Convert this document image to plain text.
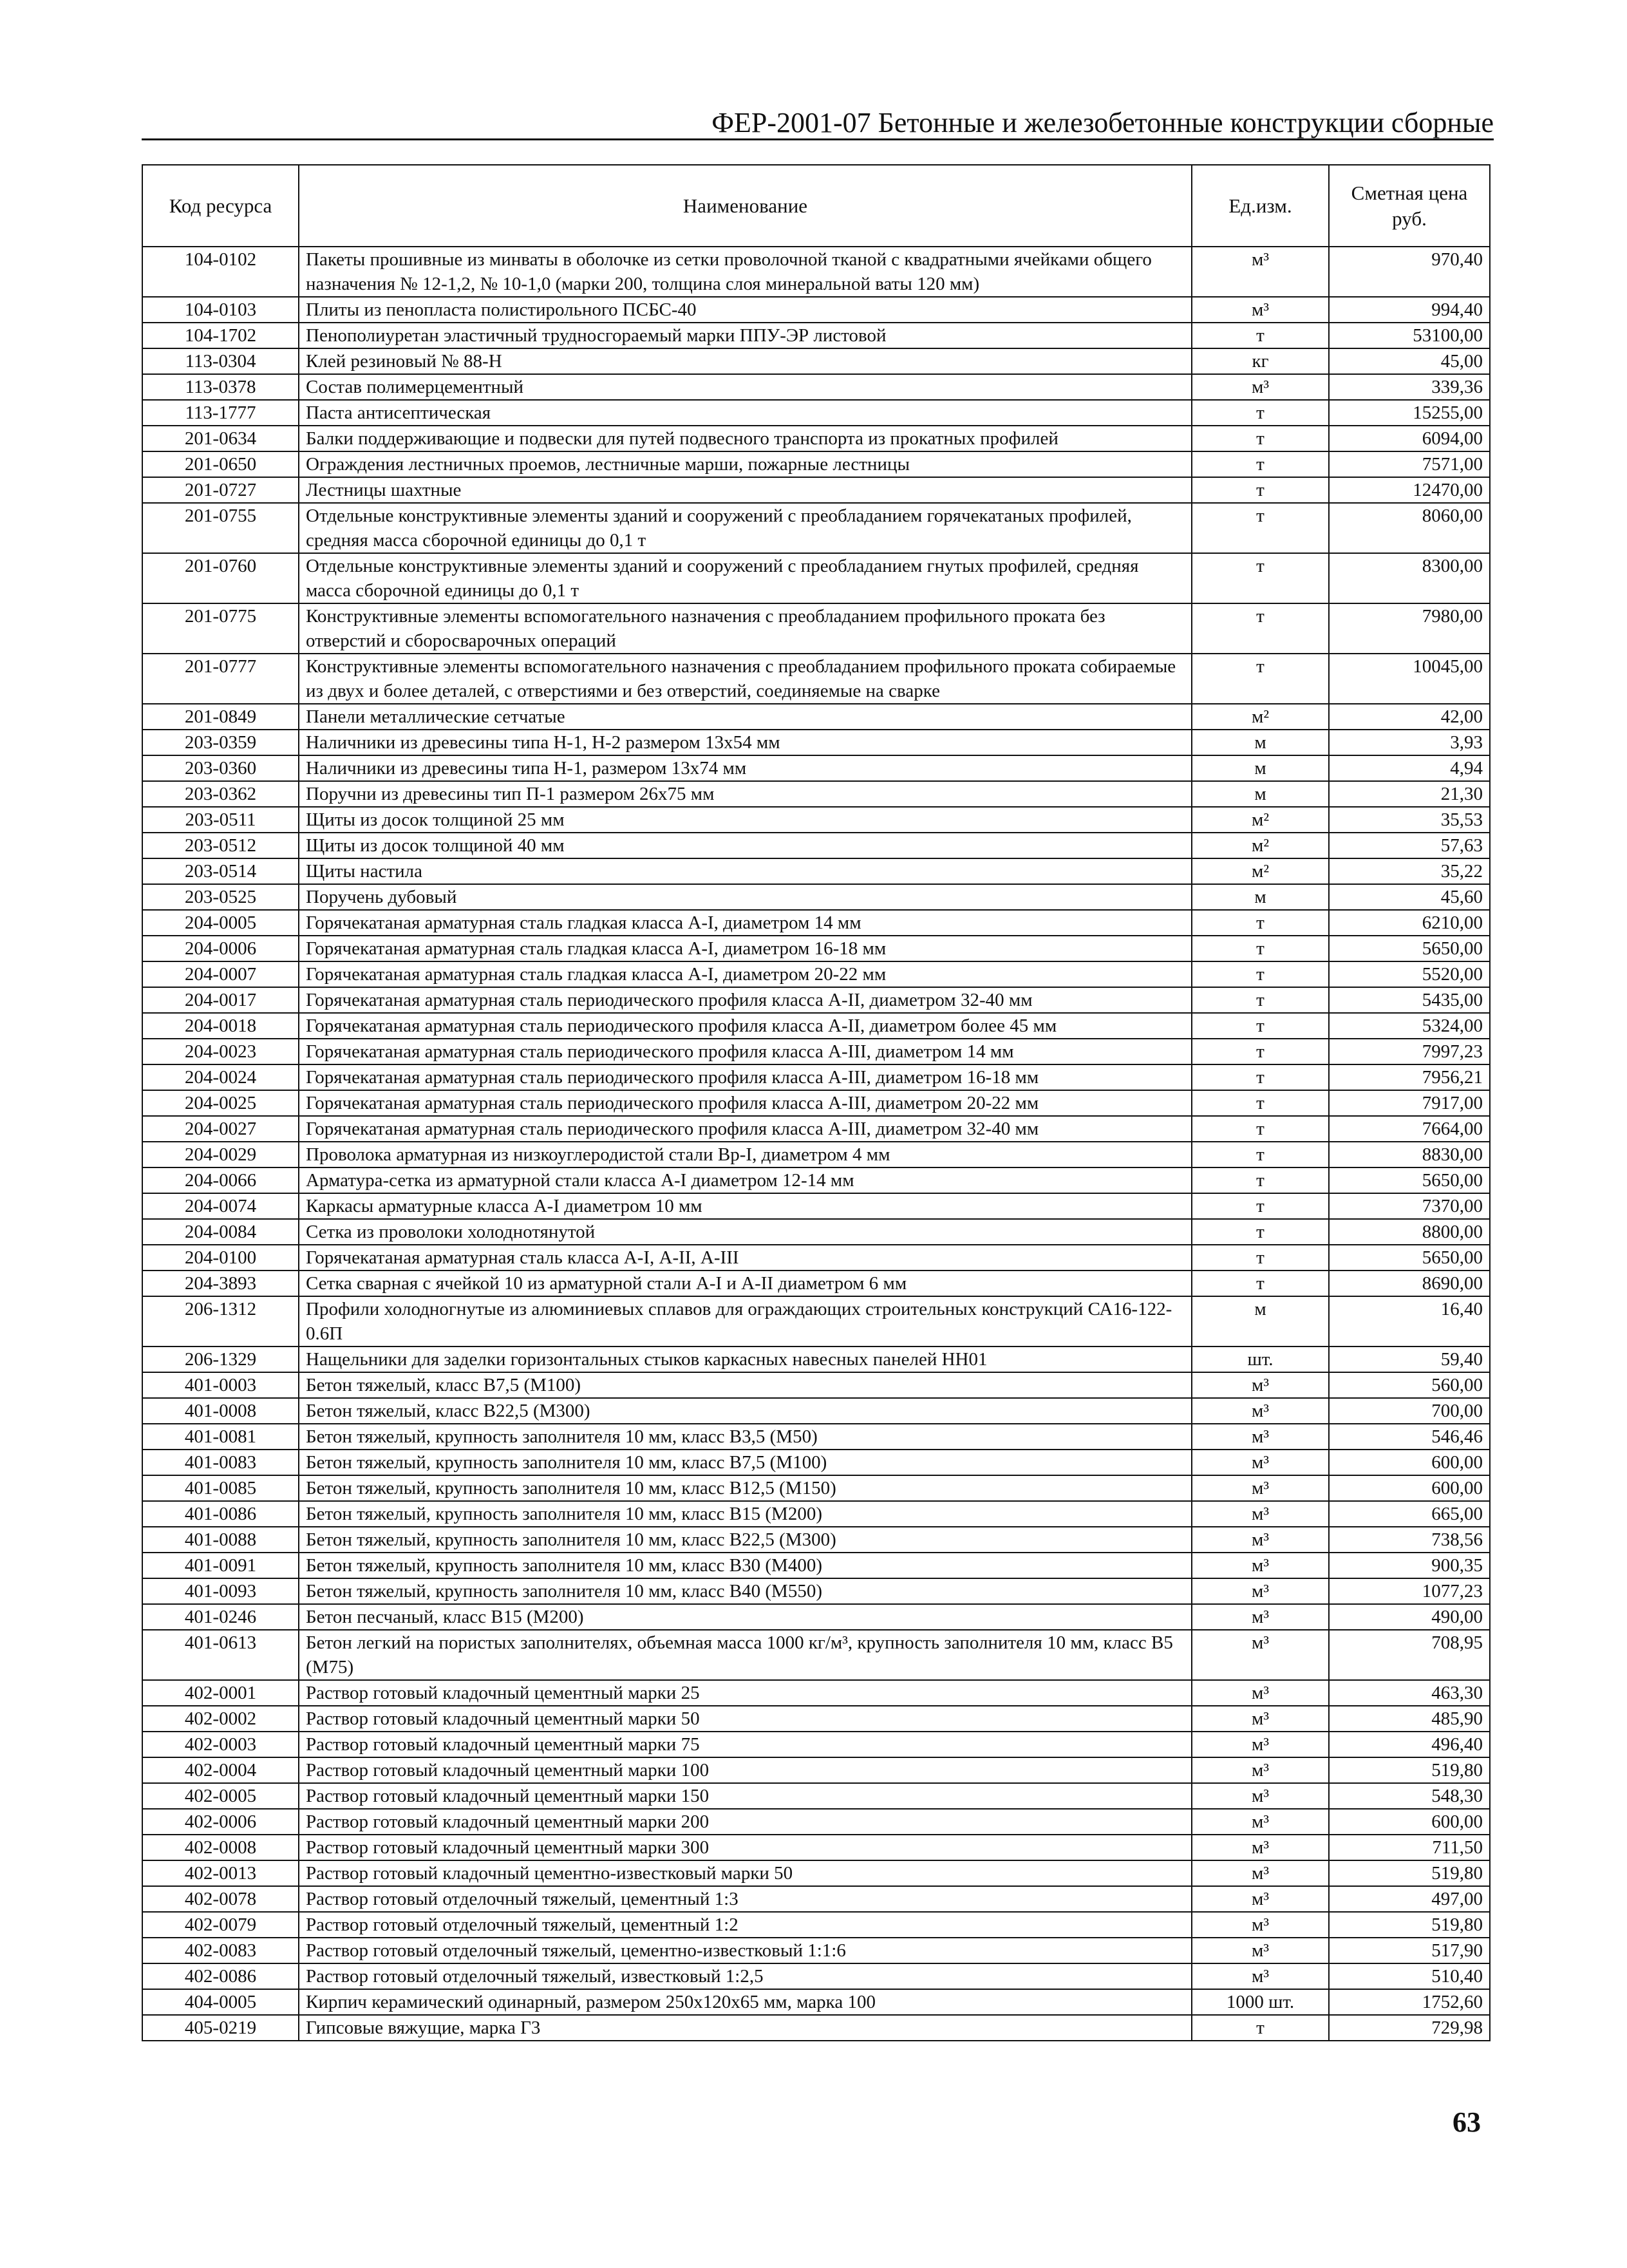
ФЕР-2001-07 Бетонные и железобетонные конструкции сборные
Код ресурса	Наименование	Ед.изм.	Сметная цена руб.
104-0102	Пакеты прошивные из минваты в оболочке из сетки проволочной тканой с квадратными ячейками общего назначения № 12-1,2, № 10-1,0 (марки 200, толщина слоя минеральной ваты 120 мм)	м³	970,40
104-0103	Плиты из пенопласта полистирольного ПСБС-40	м³	994,40
104-1702	Пенополиуретан эластичный трудносгораемый марки ППУ-ЭР листовой	т	53100,00
113-0304	Клей резиновый № 88-Н	кг	45,00
113-0378	Состав полимерцементный	м³	339,36
113-1777	Паста антисептическая	т	15255,00
201-0634	Балки поддерживающие и подвески для путей подвесного транспорта из прокатных профилей	т	6094,00
201-0650	Ограждения лестничных проемов, лестничные марши, пожарные лестницы	т	7571,00
201-0727	Лестницы шахтные	т	12470,00
201-0755	Отдельные конструктивные элементы зданий и сооружений с преобладанием горячекатаных профилей, средняя масса сборочной единицы до 0,1 т	т	8060,00
201-0760	Отдельные конструктивные элементы зданий и сооружений с преобладанием гнутых профилей, средняя масса сборочной единицы до 0,1 т	т	8300,00
201-0775	Конструктивные элементы вспомогательного назначения с преобладанием профильного проката без отверстий и сборосварочных операций	т	7980,00
201-0777	Конструктивные элементы вспомогательного назначения с преобладанием профильного проката собираемые из двух и более деталей, с отверстиями и без отверстий, соединяемые на сварке	т	10045,00
201-0849	Панели металлические сетчатые	м²	42,00
203-0359	Наличники из древесины типа Н-1, Н-2 размером 13х54 мм	м	3,93
203-0360	Наличники из древесины типа Н-1, размером 13х74 мм	м	4,94
203-0362	Поручни из древесины тип П-1 размером 26х75 мм	м	21,30
203-0511	Щиты из досок толщиной 25 мм	м²	35,53
203-0512	Щиты из досок толщиной 40 мм	м²	57,63
203-0514	Щиты настила	м²	35,22
203-0525	Поручень дубовый	м	45,60
204-0005	Горячекатаная арматурная сталь гладкая класса А-I, диаметром 14 мм	т	6210,00
204-0006	Горячекатаная арматурная сталь гладкая класса А-I, диаметром 16-18 мм	т	5650,00
204-0007	Горячекатаная арматурная сталь гладкая класса А-I, диаметром 20-22 мм	т	5520,00
204-0017	Горячекатаная арматурная сталь периодического профиля класса А-II, диаметром 32-40 мм	т	5435,00
204-0018	Горячекатаная арматурная сталь периодического профиля класса А-II, диаметром более 45 мм	т	5324,00
204-0023	Горячекатаная арматурная сталь периодического профиля класса А-III, диаметром 14 мм	т	7997,23
204-0024	Горячекатаная арматурная сталь периодического профиля класса А-III, диаметром 16-18 мм	т	7956,21
204-0025	Горячекатаная арматурная сталь периодического профиля класса А-III, диаметром 20-22 мм	т	7917,00
204-0027	Горячекатаная арматурная сталь периодического профиля класса А-III, диаметром 32-40 мм	т	7664,00
204-0029	Проволока арматурная из низкоуглеродистой стали Вр-I, диаметром 4 мм	т	8830,00
204-0066	Арматура-сетка из арматурной стали класса А-I диаметром 12-14 мм	т	5650,00
204-0074	Каркасы арматурные класса А-I диаметром 10 мм	т	7370,00
204-0084	Сетка из проволоки холоднотянутой	т	8800,00
204-0100	Горячекатаная арматурная сталь класса А-I, А-II, А-III	т	5650,00
204-3893	Сетка сварная с ячейкой 10 из арматурной стали А-I и А-II диаметром 6 мм	т	8690,00
206-1312	Профили холодногнутые из алюминиевых сплавов для ограждающих строительных конструкций СА16-122-0.6П	м	16,40
206-1329	Нащельники для заделки горизонтальных стыков каркасных навесных панелей НН01	шт.	59,40
401-0003	Бетон тяжелый, класс В7,5 (М100)	м³	560,00
401-0008	Бетон тяжелый, класс В22,5 (М300)	м³	700,00
401-0081	Бетон тяжелый, крупность заполнителя 10 мм, класс В3,5 (М50)	м³	546,46
401-0083	Бетон тяжелый, крупность заполнителя 10 мм, класс В7,5 (М100)	м³	600,00
401-0085	Бетон тяжелый, крупность заполнителя 10 мм, класс В12,5 (М150)	м³	600,00
401-0086	Бетон тяжелый, крупность заполнителя 10 мм, класс В15 (М200)	м³	665,00
401-0088	Бетон тяжелый, крупность заполнителя 10 мм, класс В22,5 (М300)	м³	738,56
401-0091	Бетон тяжелый, крупность заполнителя 10 мм, класс В30 (М400)	м³	900,35
401-0093	Бетон тяжелый, крупность заполнителя 10 мм, класс В40 (М550)	м³	1077,23
401-0246	Бетон песчаный, класс В15 (М200)	м³	490,00
401-0613	Бетон легкий на пористых заполнителях, объемная масса 1000 кг/м³, крупность заполнителя 10 мм, класс В5 (М75)	м³	708,95
402-0001	Раствор готовый кладочный цементный марки 25	м³	463,30
402-0002	Раствор готовый кладочный цементный марки 50	м³	485,90
402-0003	Раствор готовый кладочный цементный марки 75	м³	496,40
402-0004	Раствор готовый кладочный цементный марки 100	м³	519,80
402-0005	Раствор готовый кладочный цементный марки 150	м³	548,30
402-0006	Раствор готовый кладочный цементный марки 200	м³	600,00
402-0008	Раствор готовый кладочный цементный марки 300	м³	711,50
402-0013	Раствор готовый кладочный цементно-известковый марки 50	м³	519,80
402-0078	Раствор готовый отделочный тяжелый, цементный 1:3	м³	497,00
402-0079	Раствор готовый отделочный тяжелый, цементный 1:2	м³	519,80
402-0083	Раствор готовый отделочный тяжелый, цементно-известковый 1:1:6	м³	517,90
402-0086	Раствор готовый отделочный тяжелый, известковый 1:2,5	м³	510,40
404-0005	Кирпич керамический одинарный, размером 250х120х65 мм, марка 100	1000 шт.	1752,60
405-0219	Гипсовые вяжущие, марка Г3	т	729,98
63
